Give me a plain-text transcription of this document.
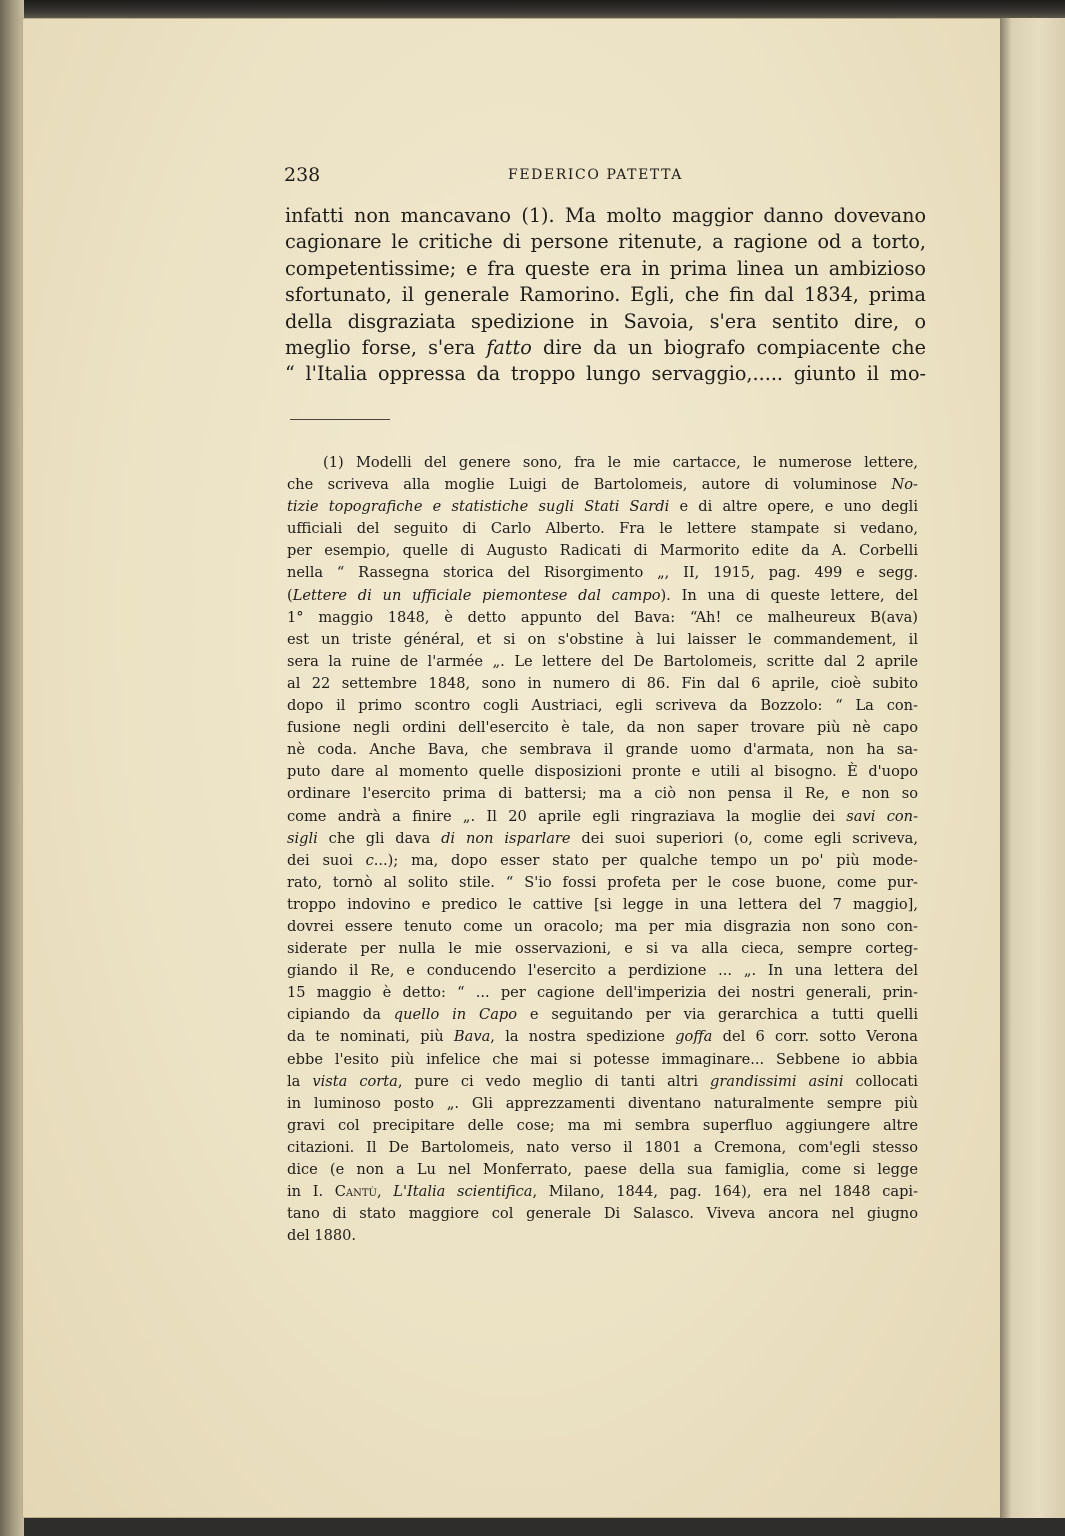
238	FEDERICO PATETTA
infatti non mancavano (1). Ma molto maggior danno dovevano
cagionare le critiche di persone ritenute, a ragione od a torto,
competentissime; e fra queste era in prima linea un ambizioso
sfortunato, il generale Ramorino. Egli, che fin dal 1834, prima
della disgraziata spedizione in Savoia, s'era sentito dire, o
meglio forse, s'era fatto dire da un biografo compiacente che
“ l'Italia oppressa da troppo lungo servaggio,..... giunto il mo-
(1) Modelli del genere sono, fra le mie cartacce, le numerose lettere,
che scriveva alla moglie Luigi de Bartolomeis, autore di voluminose No-
tizie topografiche e statistiche sugli Stati Sardi e di altre opere, e uno degli
ufficiali del seguito di Carlo Alberto. Fra le lettere stampate si vedano,
per esempio, quelle di Augusto Radicati di Marmorito edite da A. Corbelli
nella “ Rassegna storica del Risorgimento „, II, 1915, pag. 499 e segg.
(Lettere di un ufficiale piemontese dal campo). In una di queste lettere, del
1° maggio 1848, è detto appunto del Bava: “Ah! ce malheureux B(ava)
est un triste général, et si on s'obstine à lui laisser le commandement, il
sera la ruine de l'armée „. Le lettere del De Bartolomeis, scritte dal 2 aprile
al 22 settembre 1848, sono in numero di 86. Fin dal 6 aprile, cioè subito
dopo il primo scontro cogli Austriaci, egli scriveva da Bozzolo: “ La con-
fusione negli ordini dell'esercito è tale, da non saper trovare più nè capo
nè coda. Anche Bava, che sembrava il grande uomo d'armata, non ha sa-
puto dare al momento quelle disposizioni pronte e utili al bisogno. È d'uopo
ordinare l'esercito prima di battersi; ma a ciò non pensa il Re, e non so
come andrà a finire „. Il 20 aprile egli ringraziava la moglie dei savi con-
sigli che gli dava di non isparlare dei suoi superiori (o, come egli scriveva,
dei suoi c...); ma, dopo esser stato per qualche tempo un po' più mode-
rato, tornò al solito stile. “ S'io fossi profeta per le cose buone, come pur-
troppo indovino e predico le cattive [si legge in una lettera del 7 maggio],
dovrei essere tenuto come un oracolo; ma per mia disgrazia non sono con-
siderate per nulla le mie osservazioni, e si va alla cieca, sempre corteg-
giando il Re, e conducendo l'esercito a perdizione ... „. In una lettera del
15 maggio è detto: “ ... per cagione dell'imperizia dei nostri generali, prin-
cipiando da quello in Capo e seguitando per via gerarchica a tutti quelli
da te nominati, più Bava, la nostra spedizione goffa del 6 corr. sotto Verona
ebbe l'esito più infelice che mai si potesse immaginare... Sebbene io abbia
la vista corta, pure ci vedo meglio di tanti altri grandissimi asini collocati
in luminoso posto „. Gli apprezzamenti diventano naturalmente sempre più
gravi col precipitare delle cose; ma mi sembra superfluo aggiungere altre
citazioni. Il De Bartolomeis, nato verso il 1801 a Cremona, com'egli stesso
dice (e non a Lu nel Monferrato, paese della sua famiglia, come si legge
in I. Cantù, L'Italia scientifica, Milano, 1844, pag. 164), era nel 1848 capi-
tano di stato maggiore col generale Di Salasco. Viveva ancora nel giugno
del 1880.
